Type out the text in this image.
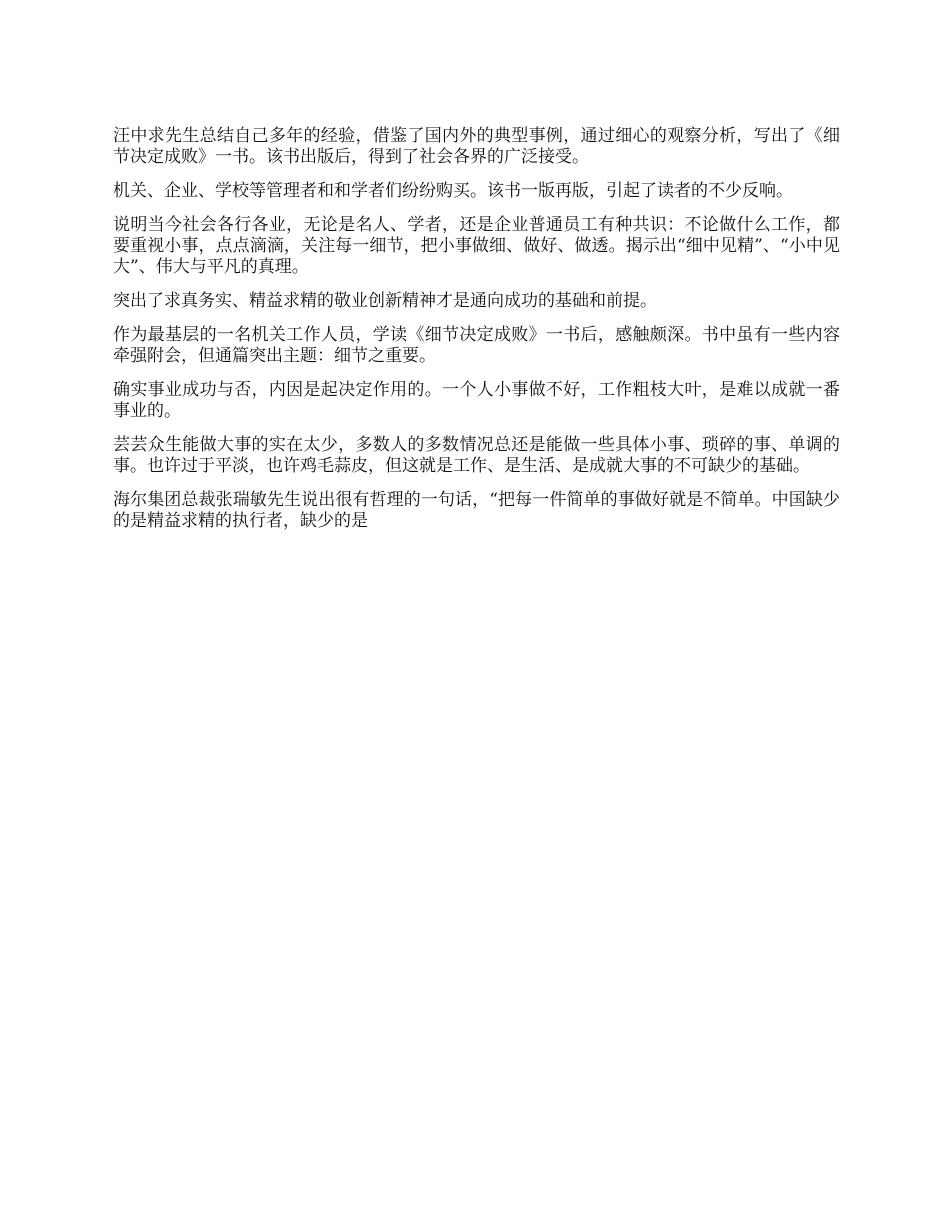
汪中求先生总结自己多年的经验，借鉴了国内外的典型事例，通过细心的观察分析，写出了《细节决定成败》一书。该书出版后，得到了社会各界的广泛接受。

机关、企业、学校等管理者和和学者们纷纷购买。该书一版再版，引起了读者的不少反响。

说明当今社会各行各业，无论是名人、学者，还是企业普通员工有种共识：不论做什么工作，都要重视小事，点点滴滴，关注每一细节，把小事做细、做好、做透。揭示出“细中见精”、“小中见大”、伟大与平凡的真理。

突出了求真务实、精益求精的敬业创新精神才是通向成功的基础和前提。

作为最基层的一名机关工作人员，学读《细节决定成败》一书后，感触颇深。书中虽有一些内容牵强附会，但通篇突出主题：细节之重要。

确实事业成功与否，内因是起决定作用的。一个人小事做不好，工作粗枝大叶，是难以成就一番事业的。

芸芸众生能做大事的实在太少，多数人的多数情况总还是能做一些具体小事、琐碎的事、单调的事。也许过于平淡，也许鸡毛蒜皮，但这就是工作、是生活、是成就大事的不可缺少的基础。

海尔集团总裁张瑞敏先生说出很有哲理的一句话，“把每一件简单的事做好就是不简单。中国缺少的是精益求精的执行者，缺少的是
